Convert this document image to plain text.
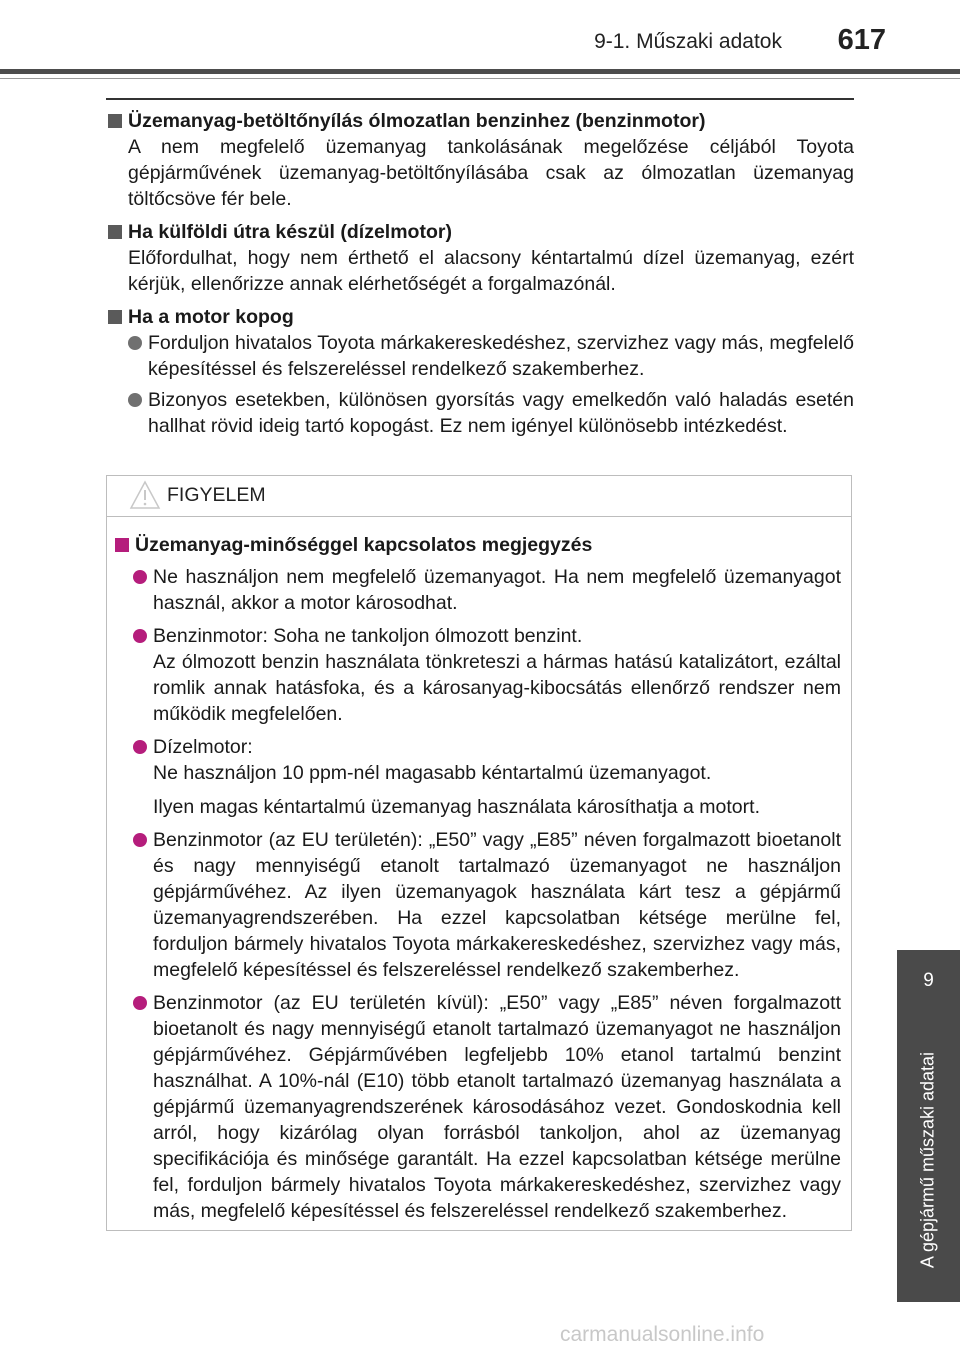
9-1. Műszaki adatok 617
Üzemanyag-betöltőnyílás ólmozatlan benzinhez (benzinmotor)
A nem megfelelő üzemanyag tankolásának megelőzése céljából Toyota gépjárművének üzemanyag-betöltőnyílásába csak az ólmozatlan üzemanyag töltőcsöve fér bele.
Ha külföldi útra készül (dízelmotor)
Előfordulhat, hogy nem érthető el alacsony kéntartalmú dízel üzemanyag, ezért kérjük, ellenőrizze annak elérhetőségét a forgalmazónál.
Ha a motor kopog
Forduljon hivatalos Toyota márkakereskedéshez, szervizhez vagy más, megfelelő képesítéssel és felszereléssel rendelkező szakemberhez.
Bizonyos esetekben, különösen gyorsítás vagy emelkedőn való haladás esetén hallhat rövid ideig tartó kopogást. Ez nem igényel különösebb intézkedést.
FIGYELEM
Üzemanyag-minőséggel kapcsolatos megjegyzés
Ne használjon nem megfelelő üzemanyagot. Ha nem megfelelő üzemanyagot használ, akkor a motor károsodhat.
Benzinmotor: Soha ne tankoljon ólmozott benzint.
Az ólmozott benzin használata tönkreteszi a hármas hatású katalizátort, ezáltal romlik annak hatásfoka, és a károsanyag-kibocsátás ellenőrző rendszer nem működik megfelelően.
Dízelmotor:
Ne használjon 10 ppm-nél magasabb kéntartalmú üzemanyagot.
Ilyen magas kéntartalmú üzemanyag használata károsíthatja a motort.
Benzinmotor (az EU területén): „E50” vagy „E85” néven forgalmazott bioetanolt és nagy mennyiségű etanolt tartalmazó üzemanyagot ne használjon gépjárművéhez. Az ilyen üzemanyagok használata kárt tesz a gépjármű üzemanyagrendszerében. Ha ezzel kapcsolatban kétsége merülne fel, forduljon bármely hivatalos Toyota márkakereskedéshez, szervizhez vagy más, megfelelő képesítéssel és felszereléssel rendelkező szakemberhez.
Benzinmotor (az EU területén kívül): „E50” vagy „E85” néven forgalmazott bioetanolt és nagy mennyiségű etanolt tartalmazó üzemanyagot ne használjon gépjárművéhez. Gépjárművében legfeljebb 10% etanol tartalmú benzint használhat. A 10%-nál (E10) több etanolt tartalmazó üzemanyag használata a gépjármű üzemanyagrendszerének károsodásához vezet. Gondoskodnia kell arról, hogy kizárólag olyan forrásból tankoljon, ahol az üzemanyag specifikációja és minősége garantált. Ha ezzel kapcsolatban kétsége merülne fel, forduljon bármely hivatalos Toyota márkakereskedéshez, szervizhez vagy más, megfelelő képesítéssel és felszereléssel rendelkező szakemberhez.
9
A gépjármű műszaki adatai
carmanualsonline.info
